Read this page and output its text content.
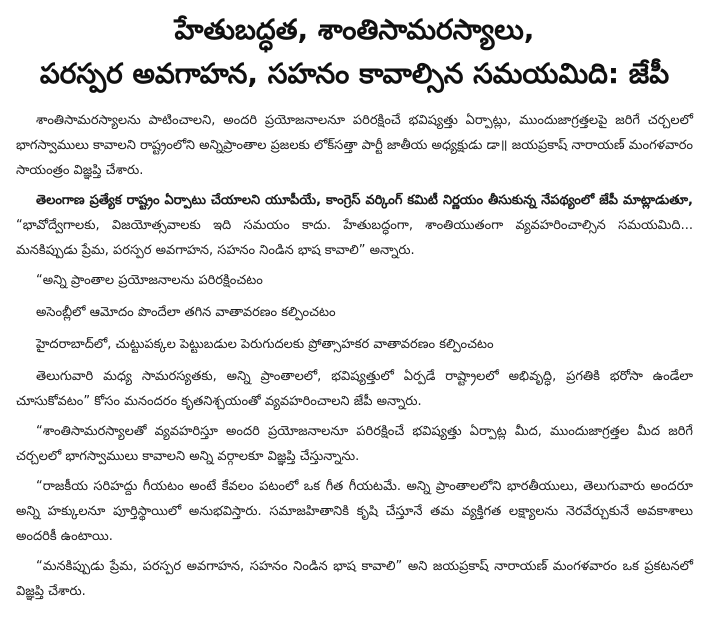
హేతుబద్ధత, శాంతిసామరస్యాలు,
పరస్పర అవగాహన, సహనం కావాల్సిన సమయమిది: జేపీ

శాంతిసామరస్యాలను పాటించాలని, అందరి ప్రయోజనాలనూ పరిరక్షించే భవిష్యత్తు ఏర్పాట్లు, ముందుజాగ్రత్తలపై జరిగే చర్చలలో భాగస్వాములు కావాలని రాష్ట్రంలోని అన్నిప్రాంతాల ప్రజలకు లోక్‌సత్తా పార్టీ జాతీయ అధ్యక్షుడు డా॥ జయప్రకాష్ నారాయణ్ మంగళవారం సాయంత్రం విజ్ఞప్తి చేశారు.

తెలంగాణ ప్రత్యేక రాష్ట్రం ఏర్పాటు చేయాలని యూపీయే, కాంగ్రెస్ వర్కింగ్ కమిటీ నిర్ణయం తీసుకున్న నేపథ్యంలో జేపీ మాట్లాడుతూ, “భావోద్వేగాలకు, విజయోత్సవాలకు ఇది సమయం కాదు. హేతుబద్ధంగా, శాంతియుతంగా వ్యవహరించాల్సిన సమయమిది... మనకిప్పుడు ప్రేమ, పరస్పర అవగాహన, సహనం నిండిన భాష కావాలి” అన్నారు.

“అన్ని ప్రాంతాల ప్రయోజనాలను పరిరక్షించటం

అసెంబ్లీలో ఆమోదం పొందేలా తగిన వాతావరణం కల్పించటం

హైదరాబాద్‌లో, చుట్టుపక్కల పెట్టుబడుల పెరుగుదలకు ప్రోత్సాహకర వాతావరణం కల్పించటం

తెలుగువారి మధ్య సామరస్యతకు, అన్ని ప్రాంతాలలో, భవిష్యత్తులో ఏర్పడే రాష్ట్రాలలో అభివృద్ధి, ప్రగతికి భరోసా ఉండేలా చూసుకోవటం” కోసం మనందరం కృతనిశ్చయంతో వ్యవహరించాలని జేపీ అన్నారు.

“శాంతిసామరస్యాలతో వ్యవహరిస్తూ అందరి ప్రయోజనాలనూ పరిరక్షించే భవిష్యత్తు ఏర్పాట్ల మీద, ముందుజాగ్రత్తల మీద జరిగే చర్చలలో భాగస్వాములు కావాలని అన్ని వర్గాలకూ విజ్ఞప్తి చేస్తున్నాను.

“రాజకీయ సరిహద్దు గీయటం అంటే కేవలం పటంలో ఒక గీత గీయటమే. అన్ని ప్రాంతాలలోని భారతీయులు, తెలుగువారు అందరూ అన్ని హక్కులనూ పూర్తిస్థాయిలో అనుభవిస్తారు. సమాజహితానికి కృషి చేస్తూనే తమ వ్యక్తిగత లక్ష్యాలను నెరవేర్చుకునే అవకాశాలు అందరికీ ఉంటాయి.

“మనకిప్పుడు ప్రేమ, పరస్పర అవగాహన, సహనం నిండిన భాష కావాలి” అని జయప్రకాష్ నారాయణ్ మంగళవారం ఒక ప్రకటనలో విజ్ఞప్తి చేశారు.
